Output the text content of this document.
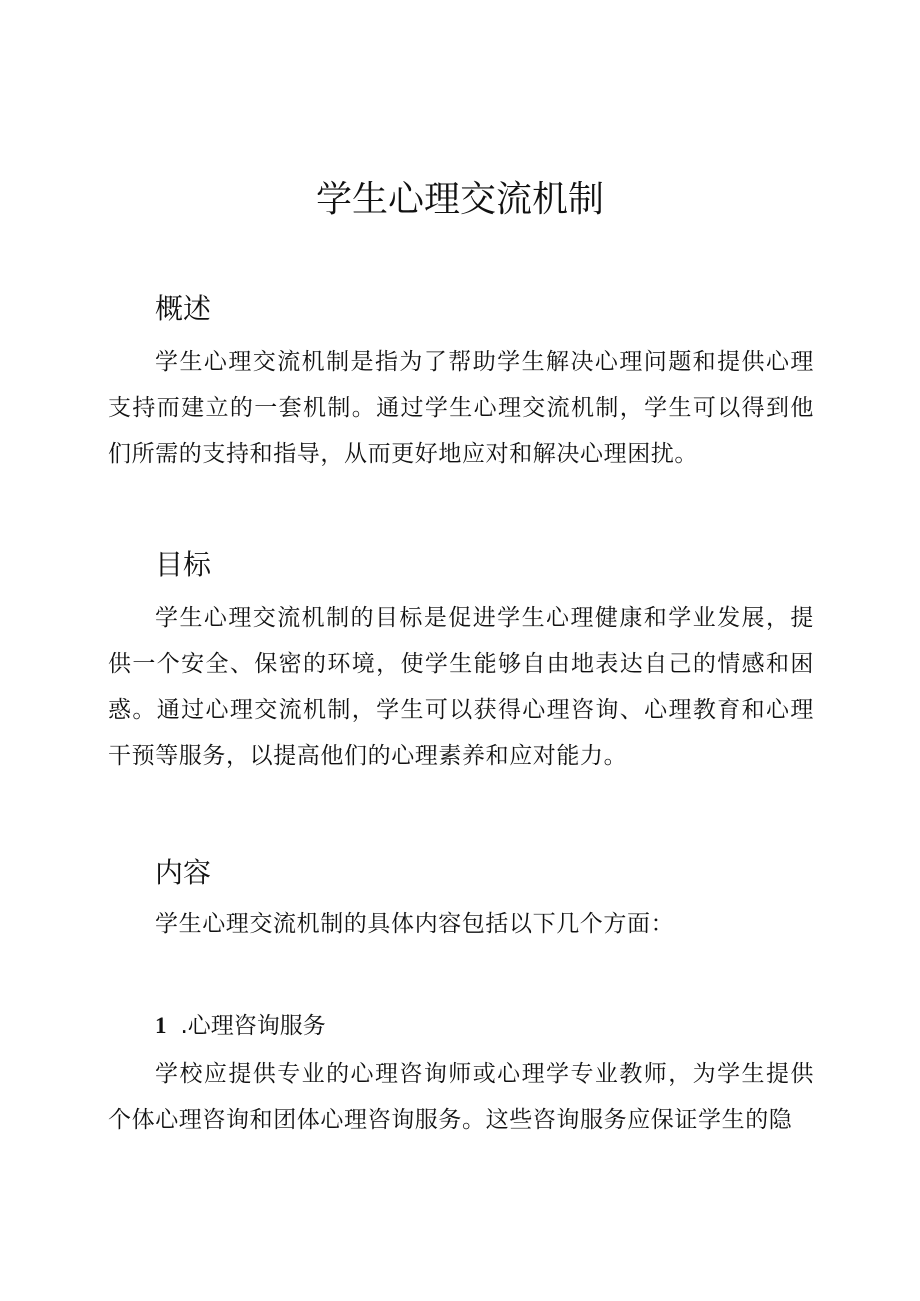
学生心理交流机制
概述

学生心理交流机制是指为了帮助学生解决心理问题和提供心理支持而建立的一套机制。通过学生心理交流机制，学生可以得到他们所需的支持和指导，从而更好地应对和解决心理困扰。

目标

学生心理交流机制的目标是促进学生心理健康和学业发展，提供一个安全、保密的环境，使学生能够自由地表达自己的情感和困惑。通过心理交流机制，学生可以获得心理咨询、心理教育和心理干预等服务，以提高他们的心理素养和应对能力。

内容

学生心理交流机制的具体内容包括以下几个方面：

1 .心理咨询服务

学校应提供专业的心理咨询师或心理学专业教师，为学生提供个体心理咨询和团体心理咨询服务。这些咨询服务应保证学生的隐
